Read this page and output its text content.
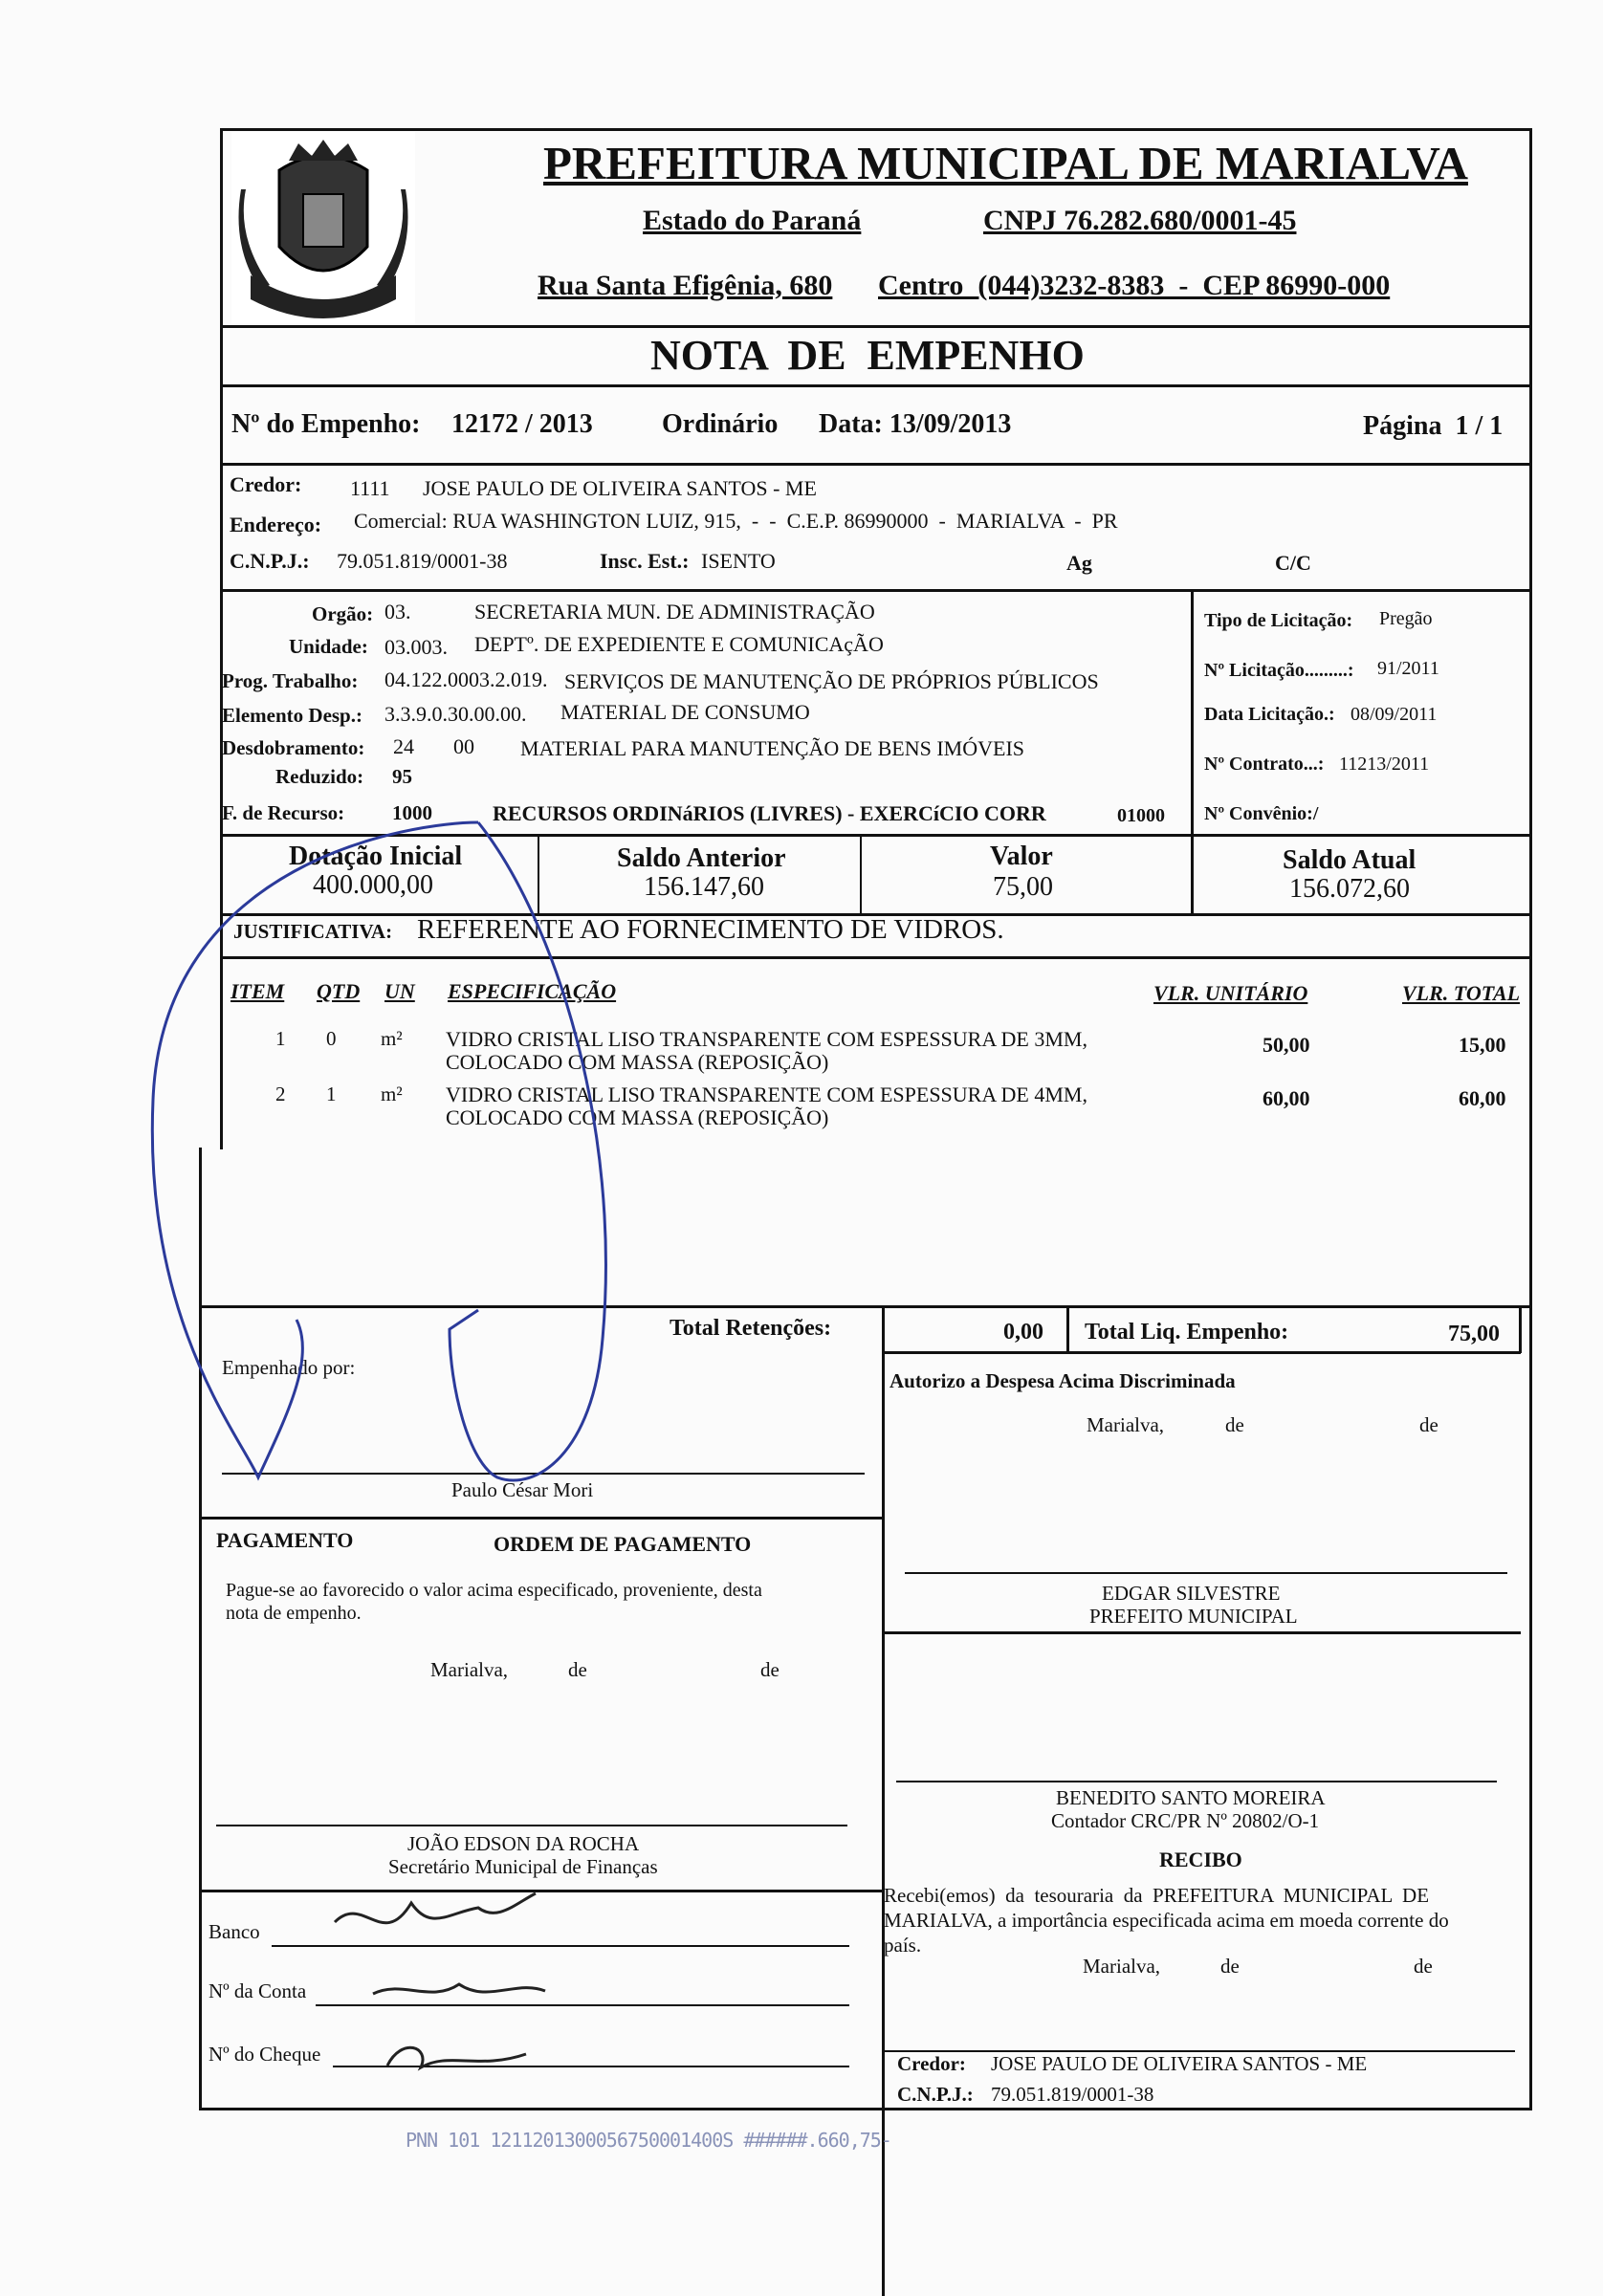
MARIALVA
PREFEITURA MUNICIPAL DE MARIALVA
Estado do Paraná	CNPJ 76.282.680/0001-45
Rua Santa Efigênia, 680 Centro  (044)3232-8383  -  CEP 86990-000
NOTA  DE  EMPENHO
Nº do Empenho: 12172 / 2013	Ordinário Data: 13/09/2013	Página  1 / 1
Credor: 1111 JOSE PAULO DE OLIVEIRA SANTOS - ME
Endereço: Comercial: RUA WASHINGTON LUIZ, 915,  -  -  C.E.P. 86990000  -  MARIALVA  -  PR
C.N.P.J.: 79.051.819/0001-38	Insc. Est.: ISENTO	Ag	C/C
Orgão: 03.	SECRETARIA MUN. DE ADMINISTRAÇÃO
Unidade: 03.003. DEPTº. DE EXPEDIENTE E COMUNICAçÃO
Prog. Trabalho: 04.122.0003.2.019. SERVIÇOS DE MANUTENÇÃO DE PRÓPRIOS PÚBLICOS
Elemento Desp.: 3.3.9.0.30.00.00. MATERIAL DE CONSUMO
Desdobramento: 24 00 MATERIAL PARA MANUTENÇÃO DE BENS IMÓVEIS
Reduzido: 95
F. de Recurso: 1000	RECURSOS ORDINáRIOS (LIVRES) - EXERCíCIO CORR	01000
Tipo de Licitação: Pregão
Nº Licitação.........: 91/2011
Data Licitação.: 08/09/2011
Nº Contrato...: 11213/2011
Nº Convênio:/
Dotação Inicial
400.000,00
Saldo Anterior
156.147,60
Valor
75,00
Saldo Atual
156.072,60
JUSTIFICATIVA: REFERENTE AO FORNECIMENTO DE VIDROS.
ITEM QTD UN ESPECIFICAÇÃO	VLR. UNITÁRIO	VLR. TOTAL
1 0 m² VIDRO CRISTAL LISO TRANSPARENTE COM ESPESSURA DE 3MM,
COLOCADO COM MASSA (REPOSIÇÃO)
50,00	15,00
2 1 m² VIDRO CRISTAL LISO TRANSPARENTE COM ESPESSURA DE 4MM,
COLOCADO COM MASSA (REPOSIÇÃO)
60,00	60,00
Total Retenções:	0,00 Total Liq. Empenho:	75,00
Empenhado por:
Paulo César Mori
Autorizo a Despesa Acima Discriminada
Marialva,	de	de
EDGAR SILVESTRE
PREFEITO MUNICIPAL
PAGAMENTO	ORDEM DE PAGAMENTO
Pague-se ao favorecido o valor acima especificado, proveniente, desta
nota de empenho.
Marialva,	de	de
JOÃO EDSON DA ROCHA
Secretário Municipal de Finanças
BENEDITO SANTO MOREIRA
Contador CRC/PR Nº 20802/O-1
RECIBO
Recebi(emos)  da  tesouraria  da  PREFEITURA  MUNICIPAL  DE
MARIALVA, a importância especificada acima em moeda corrente do
país.
Marialva,	de	de
Banco
Nº da Conta
Nº do Cheque	Credor: JOSE PAULO DE OLIVEIRA SANTOS - ME
C.N.P.J.: 79.051.819/0001-38
PNN 101 1211201300056750001400S ######.660,75-
